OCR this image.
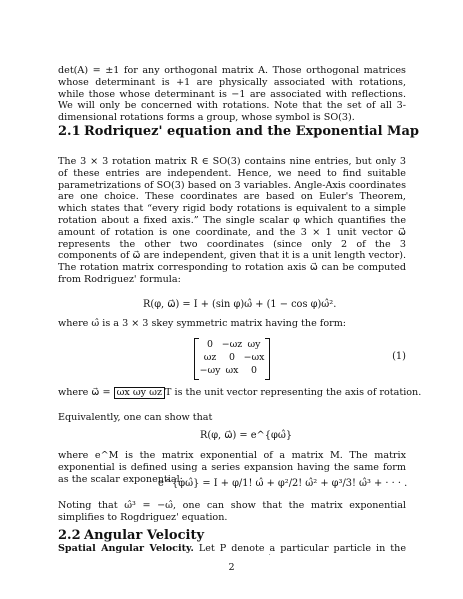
det(A) = ±1 for any orthogonal matrix A. Those orthogonal matrices whose determinant is +1 are physically associated with rotations, while those whose determinant is −1 are associated with reflections. We will only be concerned with rotations. Note that the set of all 3-dimensional rotations forms a group, whose symbol is SO(3).

2.1 Rodriquez' equation and the Exponential Map

The 3 × 3 rotation matrix R ∈ SO(3) contains nine entries, but only 3 of these entries are independent. Hence, we need to find suitable parametrizations of SO(3) based on 3 variables. Angle-Axis coordinates are one choice. These coordinates are based on Euler's Theorem, which states that “every rigid body rotations is equivalent to a simple rotation about a fixed axis.” The single scalar φ which quantifies the amount of rotation is one coordinate, and the 3 × 1 unit vector ω⃗ represents the other two coordinates (since only 2 of the 3 components of ω⃗ are independent, given that it is a unit length vector). The rotation matrix corresponding to rotation axis ω⃗ can be computed from Rodriguez' formula:

R(φ, ω⃗) = I + (sin φ)ω̂ + (1 − cos φ)ω̂².

where ω̂ is a 3 × 3 skey symmetric matrix having the form:

0 −ωz ωy
ωz	0 −ωx
−ωy ωx	0
(1)

where ω⃗ = ωx ωy ωz T is the unit vector representing the axis of rotation.

Equivalently, one can show that

R(φ, ω⃗) = e^{φω̂}

where e^M is the matrix exponential of a matrix M. The matrix exponential is defined using a series expansion having the same form as the scalar exponential:

e^{φω̂} = I + φ/1! ω̂ + φ²/2! ω̂² + φ³/3! ω̂³ + · · · .

Noting that ω̂³ = −ω̂, one can show that the matrix exponential simplifies to Rogdriguez' equation.

2.2 Angular Velocity

Spatial Angular Velocity. Let P denote a particular particle in the

2
